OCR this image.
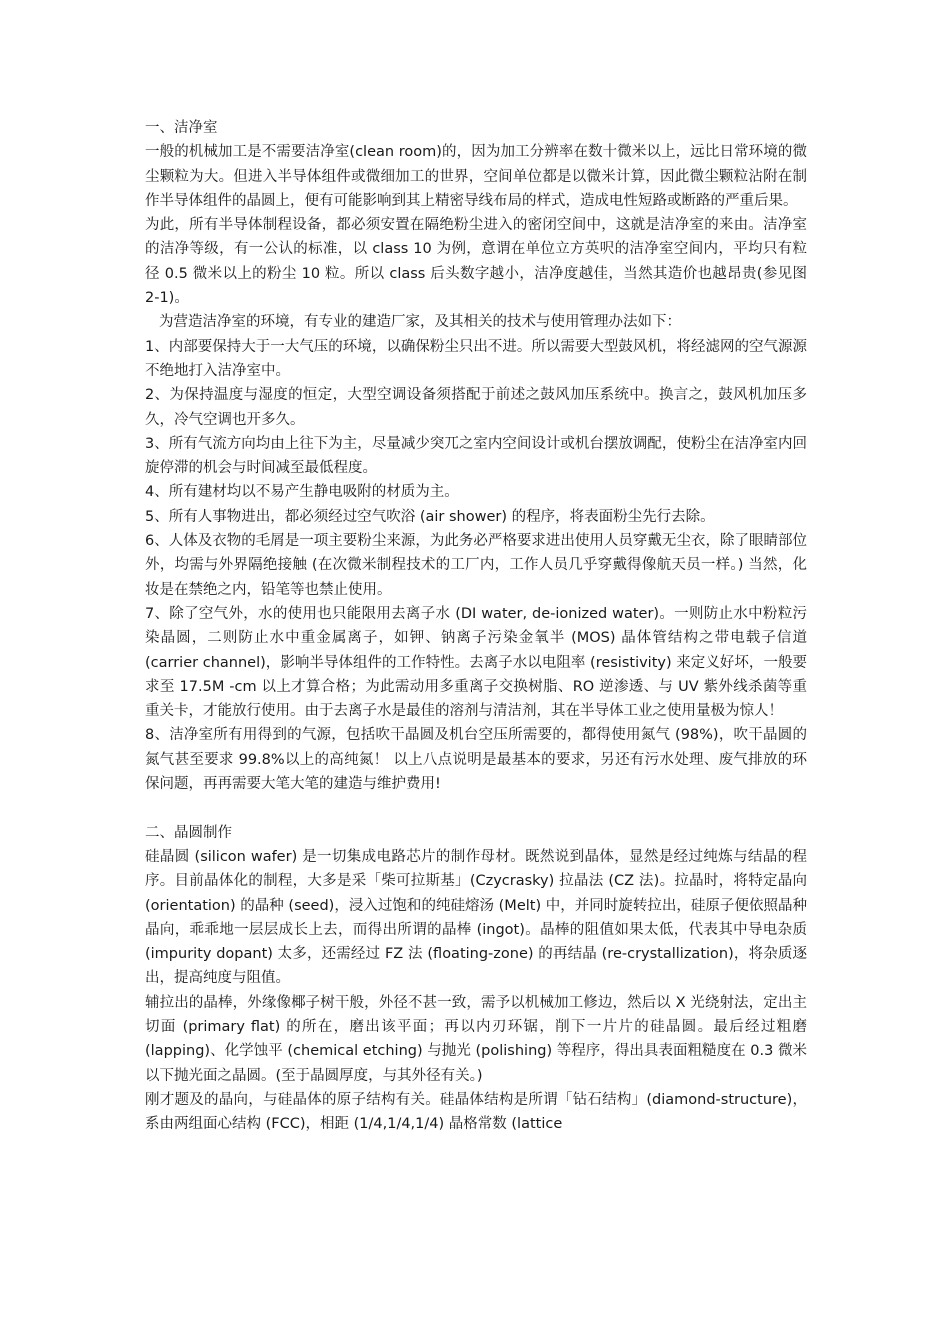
一、洁净室

一般的机械加工是不需要洁净室(clean room)的，因为加工分辨率在数十微米以上，远比日常环境的微尘颗粒为大。但进入半导体组件或微细加工的世界，空间单位都是以微米计算，因此微尘颗粒沾附在制作半导体组件的晶圆上，便有可能影响到其上精密导线布局的样式，造成电性短路或断路的严重后果。

为此，所有半导体制程设备，都必须安置在隔绝粉尘进入的密闭空间中，这就是洁净室的来由。洁净室的洁净等级，有一公认的标准，以 class 10 为例，意谓在单位立方英呎的洁净室空间内，平均只有粒径 0.5 微米以上的粉尘 10 粒。所以 class 后头数字越小，洁净度越佳，当然其造价也越昂贵(参见图 2-1)。

为营造洁净室的环境，有专业的建造厂家，及其相关的技术与使用管理办法如下：

1、内部要保持大于一大气压的环境，以确保粉尘只出不进。所以需要大型鼓风机，将经滤网的空气源源不绝地打入洁净室中。

2、为保持温度与湿度的恒定，大型空调设备须搭配于前述之鼓风加压系统中。换言之，鼓风机加压多久，冷气空调也开多久。

3、所有气流方向均由上往下为主，尽量减少突兀之室内空间设计或机台摆放调配，使粉尘在洁净室内回旋停滞的机会与时间减至最低程度。

4、所有建材均以不易产生静电吸附的材质为主。

5、所有人事物进出，都必须经过空气吹浴 (air shower) 的程序，将表面粉尘先行去除。

6、人体及衣物的毛屑是一项主要粉尘来源，为此务必严格要求进出使用人员穿戴无尘衣，除了眼睛部位外，均需与外界隔绝接触 (在次微米制程技术的工厂内，工作人员几乎穿戴得像航天员一样。) 当然，化妆是在禁绝之内，铅笔等也禁止使用。

7、除了空气外，水的使用也只能限用去离子水 (DI water, de-ionized water)。一则防止水中粉粒污染晶圆，二则防止水中重金属离子，如钾、钠离子污染金氧半 (MOS) 晶体管结构之带电载子信道 (carrier channel)，影响半导体组件的工作特性。去离子水以电阻率 (resistivity) 来定义好坏，一般要求至 17.5M -cm 以上才算合格；为此需动用多重离子交换树脂、RO 逆渗透、与 UV 紫外线杀菌等重重关卡，才能放行使用。由于去离子水是最佳的溶剂与清洁剂，其在半导体工业之使用量极为惊人！

8、洁净室所有用得到的气源，包括吹干晶圆及机台空压所需要的，都得使用氮气 (98%)，吹干晶圆的氮气甚至要求 99.8%以上的高纯氮！ 以上八点说明是最基本的要求，另还有污水处理、废气排放的环保问题，再再需要大笔大笔的建造与维护费用!

二、晶圆制作

硅晶圆 (silicon wafer) 是一切集成电路芯片的制作母材。既然说到晶体，显然是经过纯炼与结晶的程序。目前晶体化的制程，大多是采「柴可拉斯基」(Czycrasky) 拉晶法 (CZ 法)。拉晶时，将特定晶向 (orientation) 的晶种 (seed)，浸入过饱和的纯硅熔汤 (Melt) 中，并同时旋转拉出，硅原子便依照晶种晶向，乖乖地一层层成长上去，而得出所谓的晶棒 (ingot)。晶棒的阻值如果太低，代表其中导电杂质 (impurity dopant) 太多，还需经过 FZ 法 (floating-zone) 的再结晶 (re-crystallization)，将杂质逐出，提高纯度与阻值。

辅拉出的晶棒，外缘像椰子树干般，外径不甚一致，需予以机械加工修边，然后以 X 光绕射法，定出主切面 (primary flat) 的所在，磨出该平面；再以内刃环锯，削下一片片的硅晶圆。最后经过粗磨 (lapping)、化学蚀平 (chemical etching) 与抛光 (polishing) 等程序，得出具表面粗糙度在 0.3 微米以下抛光面之晶圆。(至于晶圆厚度，与其外径有关。)

刚才题及的晶向，与硅晶体的原子结构有关。硅晶体结构是所谓「钻石结构」(diamond-structure)，系由两组面心结构 (FCC)，相距 (1/4,1/4,1/4) 晶格常数 (lattice
